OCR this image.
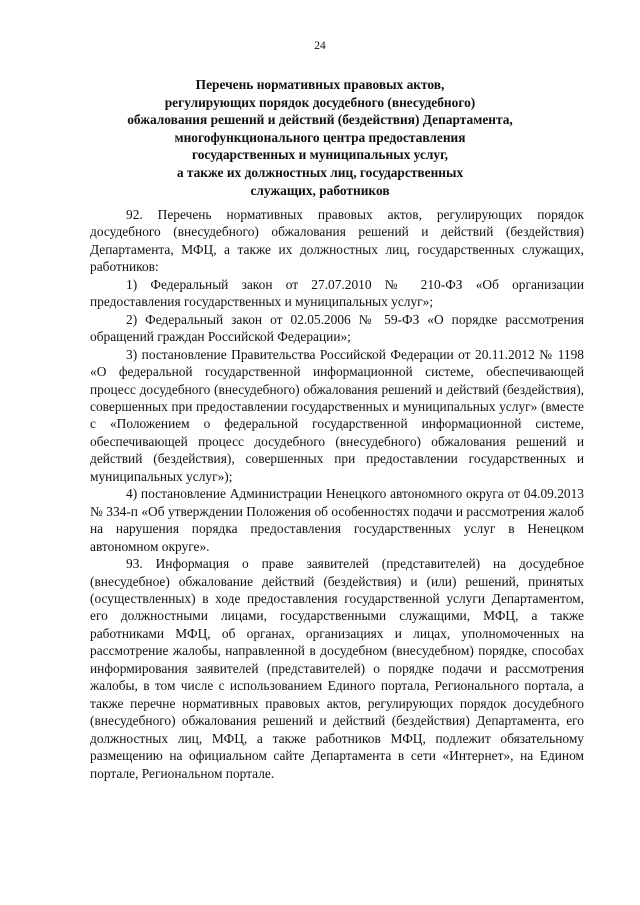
24
Перечень нормативных правовых актов,
регулирующих порядок досудебного (внесудебного)
обжалования решений и действий (бездействия) Департамента,
многофункционального центра предоставления
государственных и муниципальных услуг,
а также их должностных лиц, государственных
служащих, работников

92. Перечень нормативных правовых актов, регулирующих порядок досудебного (внесудебного) обжалования решений и действий (бездействия) Департамента, МФЦ, а также их должностных лиц, государственных служащих, работников:

1) Федеральный закон от 27.07.2010 № 210-ФЗ «Об организации предоставления государственных и муниципальных услуг»;

2) Федеральный закон от 02.05.2006 № 59-ФЗ «О порядке рассмотрения обращений граждан Российской Федерации»;

3) постановление Правительства Российской Федерации от 20.11.2012 № 1198 «О федеральной государственной информационной системе, обеспечивающей процесс досудебного (внесудебного) обжалования решений и действий (бездействия), совершенных при предоставлении государственных и муниципальных услуг» (вместе с «Положением о федеральной государственной информационной системе, обеспечивающей процесс досудебного (внесудебного) обжалования решений и действий (бездействия), совершенных при предоставлении государственных и муниципальных услуг»);

4) постановление Администрации Ненецкого автономного округа от 04.09.2013 № 334-п «Об утверждении Положения об особенностях подачи и рассмотрения жалоб на нарушения порядка предоставления государственных услуг в Ненецком автономном округе».

93. Информация о праве заявителей (представителей) на досудебное (внесудебное) обжалование действий (бездействия) и (или) решений, принятых (осуществленных) в ходе предоставления государственной услуги Департаментом, его должностными лицами, государственными служащими, МФЦ, а также работниками МФЦ, об органах, организациях и лицах, уполномоченных на рассмотрение жалобы, направленной в досудебном (внесудебном) порядке, способах информирования заявителей (представителей) о порядке подачи и рассмотрения жалобы, в том числе с использованием Единого портала, Регионального портала, а также перечне нормативных правовых актов, регулирующих порядок досудебного (внесудебного) обжалования решений и действий (бездействия) Департамента, его должностных лиц, МФЦ, а также работников МФЦ, подлежит обязательному размещению на официальном сайте Департамента в сети «Интернет», на Едином портале, Региональном портале.
